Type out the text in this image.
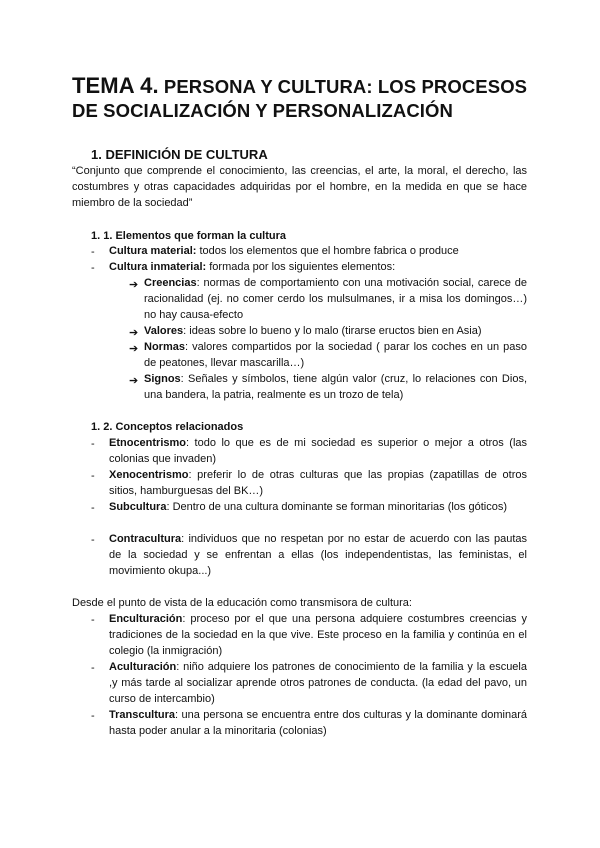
TEMA 4. PERSONA Y CULTURA: LOS PROCESOS DE SOCIALIZACIÓN Y PERSONALIZACIÓN
1. DEFINICIÓN DE CULTURA
“Conjunto que comprende el conocimiento, las creencias, el arte, la moral, el derecho, las costumbres y otras capacidades adquiridas por el hombre, en la medida en que se hace miembro de la sociedad”
1. 1. Elementos que forman la cultura
- Cultura material: todos los elementos que el hombre fabrica o produce
- Cultura inmaterial: formada por los siguientes elementos:
➔ Creencias: normas de comportamiento con una motivación social, carece de racionalidad (ej. no comer cerdo los mulsulmanes, ir a misa los domingos…) no hay causa-efecto
➔ Valores: ideas sobre lo bueno y lo malo (tirarse eructos bien en Asia)
➔ Normas: valores compartidos por la sociedad ( parar los coches en un paso de peatones, llevar mascarilla…)
➔ Signos: Señales y símbolos, tiene algún valor (cruz, lo relaciones con Dios, una bandera, la patria, realmente es un trozo de tela)
1. 2. Conceptos relacionados
- Etnocentrismo: todo lo que es de mi sociedad es superior o mejor a otros (las colonias que invaden)
- Xenocentrismo: preferir lo de otras culturas que las propias (zapatillas de otros sitios, hamburguesas del BK…)
- Subcultura: Dentro de una cultura dominante se forman minoritarias (los góticos)
- Contracultura: individuos que no respetan por no estar de acuerdo con las pautas de la sociedad y se enfrentan a ellas (los independentistas, las feministas, el movimiento okupa...)
Desde el punto de vista de la educación como transmisora de cultura:
- Enculturación: proceso por el que una persona adquiere costumbres creencias y tradiciones de la sociedad en la que vive. Este proceso en la familia y continúa en el colegio (la inmigración)
- Aculturación: niño adquiere los patrones de conocimiento de la familia y la escuela ,y más tarde al socializar aprende otros patrones de conducta. (la edad del pavo, un curso de intercambio)
- Transcultura: una persona se encuentra entre dos culturas y la dominante dominará hasta poder anular a la minoritaria (colonias)
